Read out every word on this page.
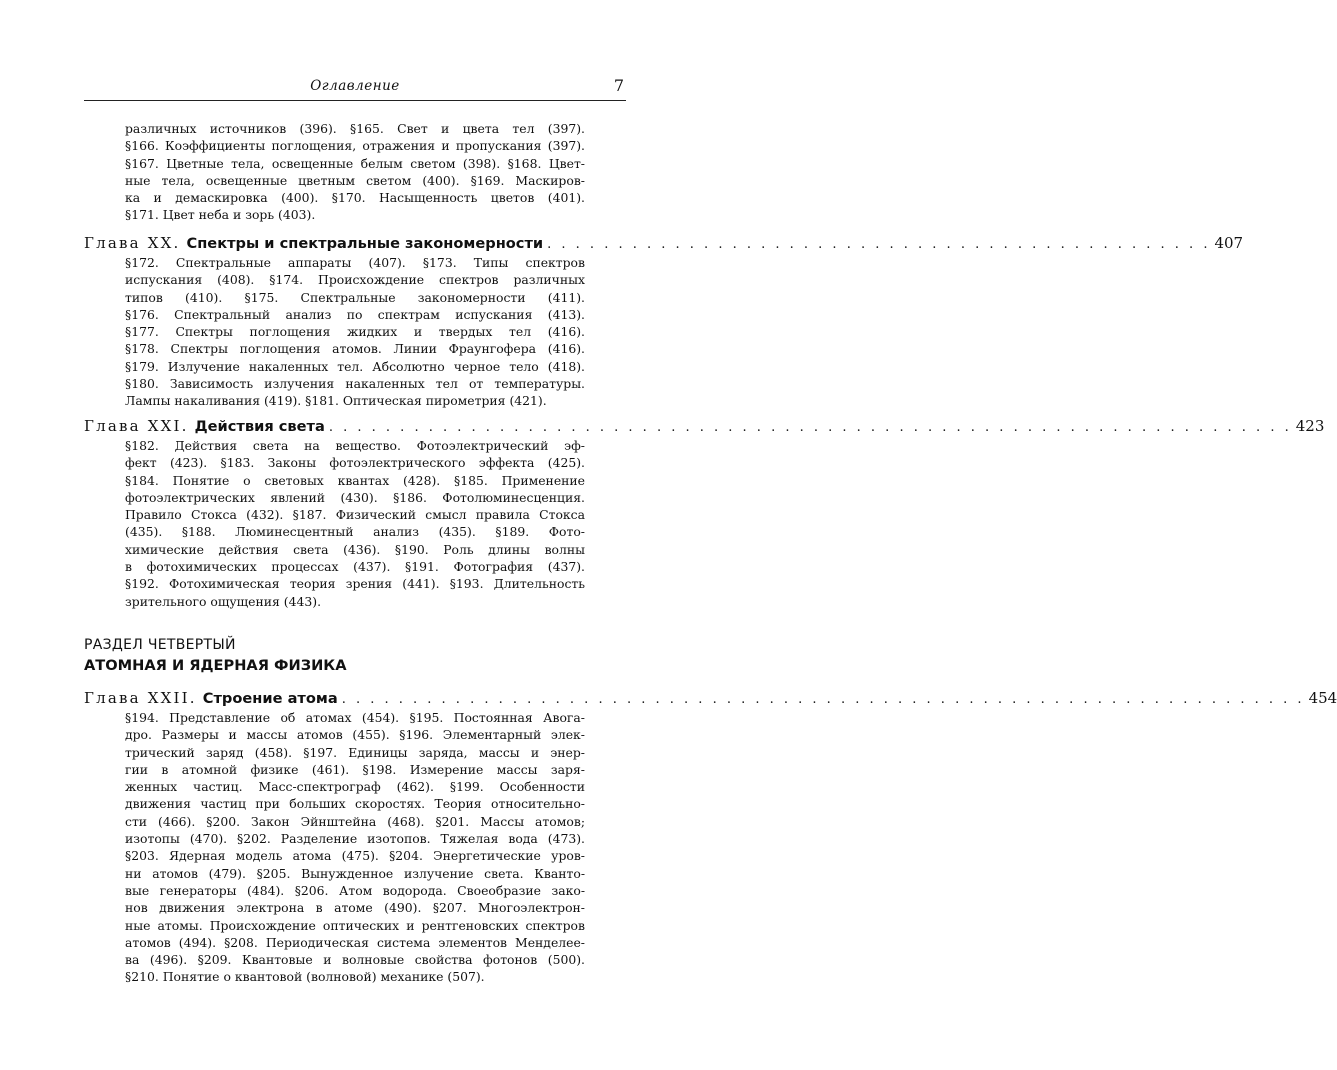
Оглавление	7
различных источников (396). §165. Свет и цвета тел (397).
§166. Коэффициенты поглощения, отражения и пропускания (397).
§167. Цветные тела, освещенные белым светом (398). §168. Цвет-
ные тела, освещенные цветным светом (400). §169. Маскиров-
ка и демаскировка (400). §170. Насыщенность цветов (401).
§171. Цвет неба и зорь (403).
Глава XX. Спектры и спектральные закономерности . . . . . . . . . . . . . . . . . . . . . . . . . . . . . . . . . . . . . . . . . . . . . . . 407
§172. Спектральные аппараты (407). §173. Типы спектров
испускания (408). §174. Происхождение спектров различных
типов (410). §175. Спектральные закономерности (411).
§176. Спектральный анализ по спектрам испускания (413).
§177. Спектры поглощения жидких и твердых тел (416).
§178. Спектры поглощения атомов. Линии Фраунгофера (416).
§179. Излучение накаленных тел. Абсолютно черное тело (418).
§180. Зависимость излучения накаленных тел от температуры.
Лампы накаливания (419). §181. Оптическая пирометрия (421).
Глава XXI. Действия света . . . . . . . . . . . . . . . . . . . . . . . . . . . . . . . . . . . . . . . . . . . . . . . . . . . . . . . . . . . . . . . . . . . . 423
§182. Действия света на вещество. Фотоэлектрический эф-
фект (423). §183. Законы фотоэлектрического эффекта (425).
§184. Понятие о световых квантах (428). §185. Применение
фотоэлектрических явлений (430). §186. Фотолюминесценция.
Правило Стокса (432). §187. Физический смысл правила Стокса
(435). §188. Люминесцентный анализ (435). §189. Фото-
химические действия света (436). §190. Роль длины волны
в фотохимических процессах (437). §191. Фотография (437).
§192. Фотохимическая теория зрения (441). §193. Длительность
зрительного ощущения (443).
РАЗДЕЛ ЧЕТВЕРТЫЙ
АТОМНАЯ И ЯДЕРНАЯ ФИЗИКА
Глава XXII. Строение атома . . . . . . . . . . . . . . . . . . . . . . . . . . . . . . . . . . . . . . . . . . . . . . . . . . . . . . . . . . . . . . . . . . . . 454
§194. Представление об атомах (454). §195. Постоянная Авога-
дро. Размеры и массы атомов (455). §196. Элементарный элек-
трический заряд (458). §197. Единицы заряда, массы и энер-
гии в атомной физике (461). §198. Измерение массы заря-
женных частиц. Масс-спектрограф (462). §199. Особенности
движения частиц при больших скоростях. Теория относительно-
сти (466). §200. Закон Эйнштейна (468). §201. Массы атомов;
изотопы (470). §202. Разделение изотопов. Тяжелая вода (473).
§203. Ядерная модель атома (475). §204. Энергетические уров-
ни атомов (479). §205. Вынужденное излучение света. Кванто-
вые генераторы (484). §206. Атом водорода. Своеобразие зако-
нов движения электрона в атоме (490). §207. Многоэлектрон-
ные атомы. Происхождение оптических и рентгеновских спектров
атомов (494). §208. Периодическая система элементов Менделее-
ва (496). §209. Квантовые и волновые свойства фотонов (500).
§210. Понятие о квантовой (волновой) механике (507).
